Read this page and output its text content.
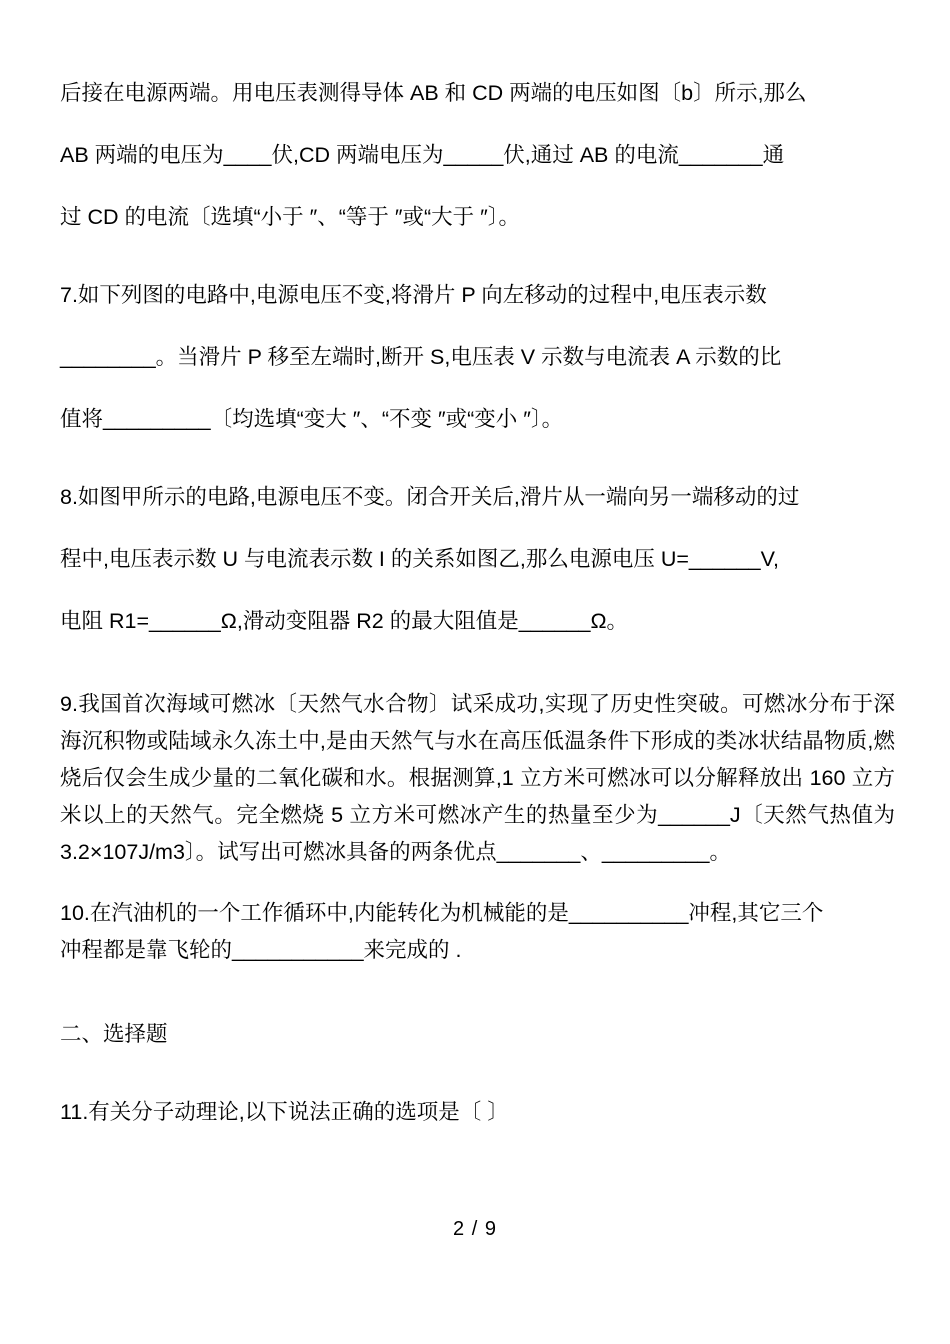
后接在电源两端。用电压表测得导体 AB 和 CD 两端的电压如图〔b〕所示,那么
AB 两端的电压为____伏,CD 两端电压为_____伏,通过 AB 的电流_______通
过 CD 的电流〔选填“小于 ″、“等于 ″或“大于 ″〕。
7.如下列图的电路中,电源电压不变,将滑片 P 向左移动的过程中,电压表示数
________。当滑片 P 移至左端时,断开 S,电压表 V 示数与电流表 A 示数的比
值将_________〔均选填“变大 ″、“不变 ″或“变小 ″〕。
8.如图甲所示的电路,电源电压不变。闭合开关后,滑片从一端向另一端移动的过
程中,电压表示数 U 与电流表示数 I 的关系如图乙,那么电源电压 U=______V,
电阻 R1=______Ω,滑动变阻器 R2 的最大阻值是______Ω。
9.我国首次海域可燃冰〔天然气水合物〕试采成功,实现了历史性突破。可燃冰分布于深海沉积物或陆域永久冻土中,是由天然气与水在高压低温条件下形成的类冰状结晶物质,燃烧后仅会生成少量的二氧化碳和水。根据测算,1 立方米可燃冰可以分解释放出 160 立方米以上的天然气。完全燃烧 5 立方米可燃冰产生的热量至少为______J〔天然气热值为 3.2×107J/m3〕。试写出可燃冰具备的两条优点_______、_________。
10.在汽油机的一个工作循环中,内能转化为机械能的是__________冲程,其它三个
冲程都是靠飞轮的___________来完成的 .
二、选择题
11.有关分子动理论,以下说法正确的选项是〔 〕
2 / 9
